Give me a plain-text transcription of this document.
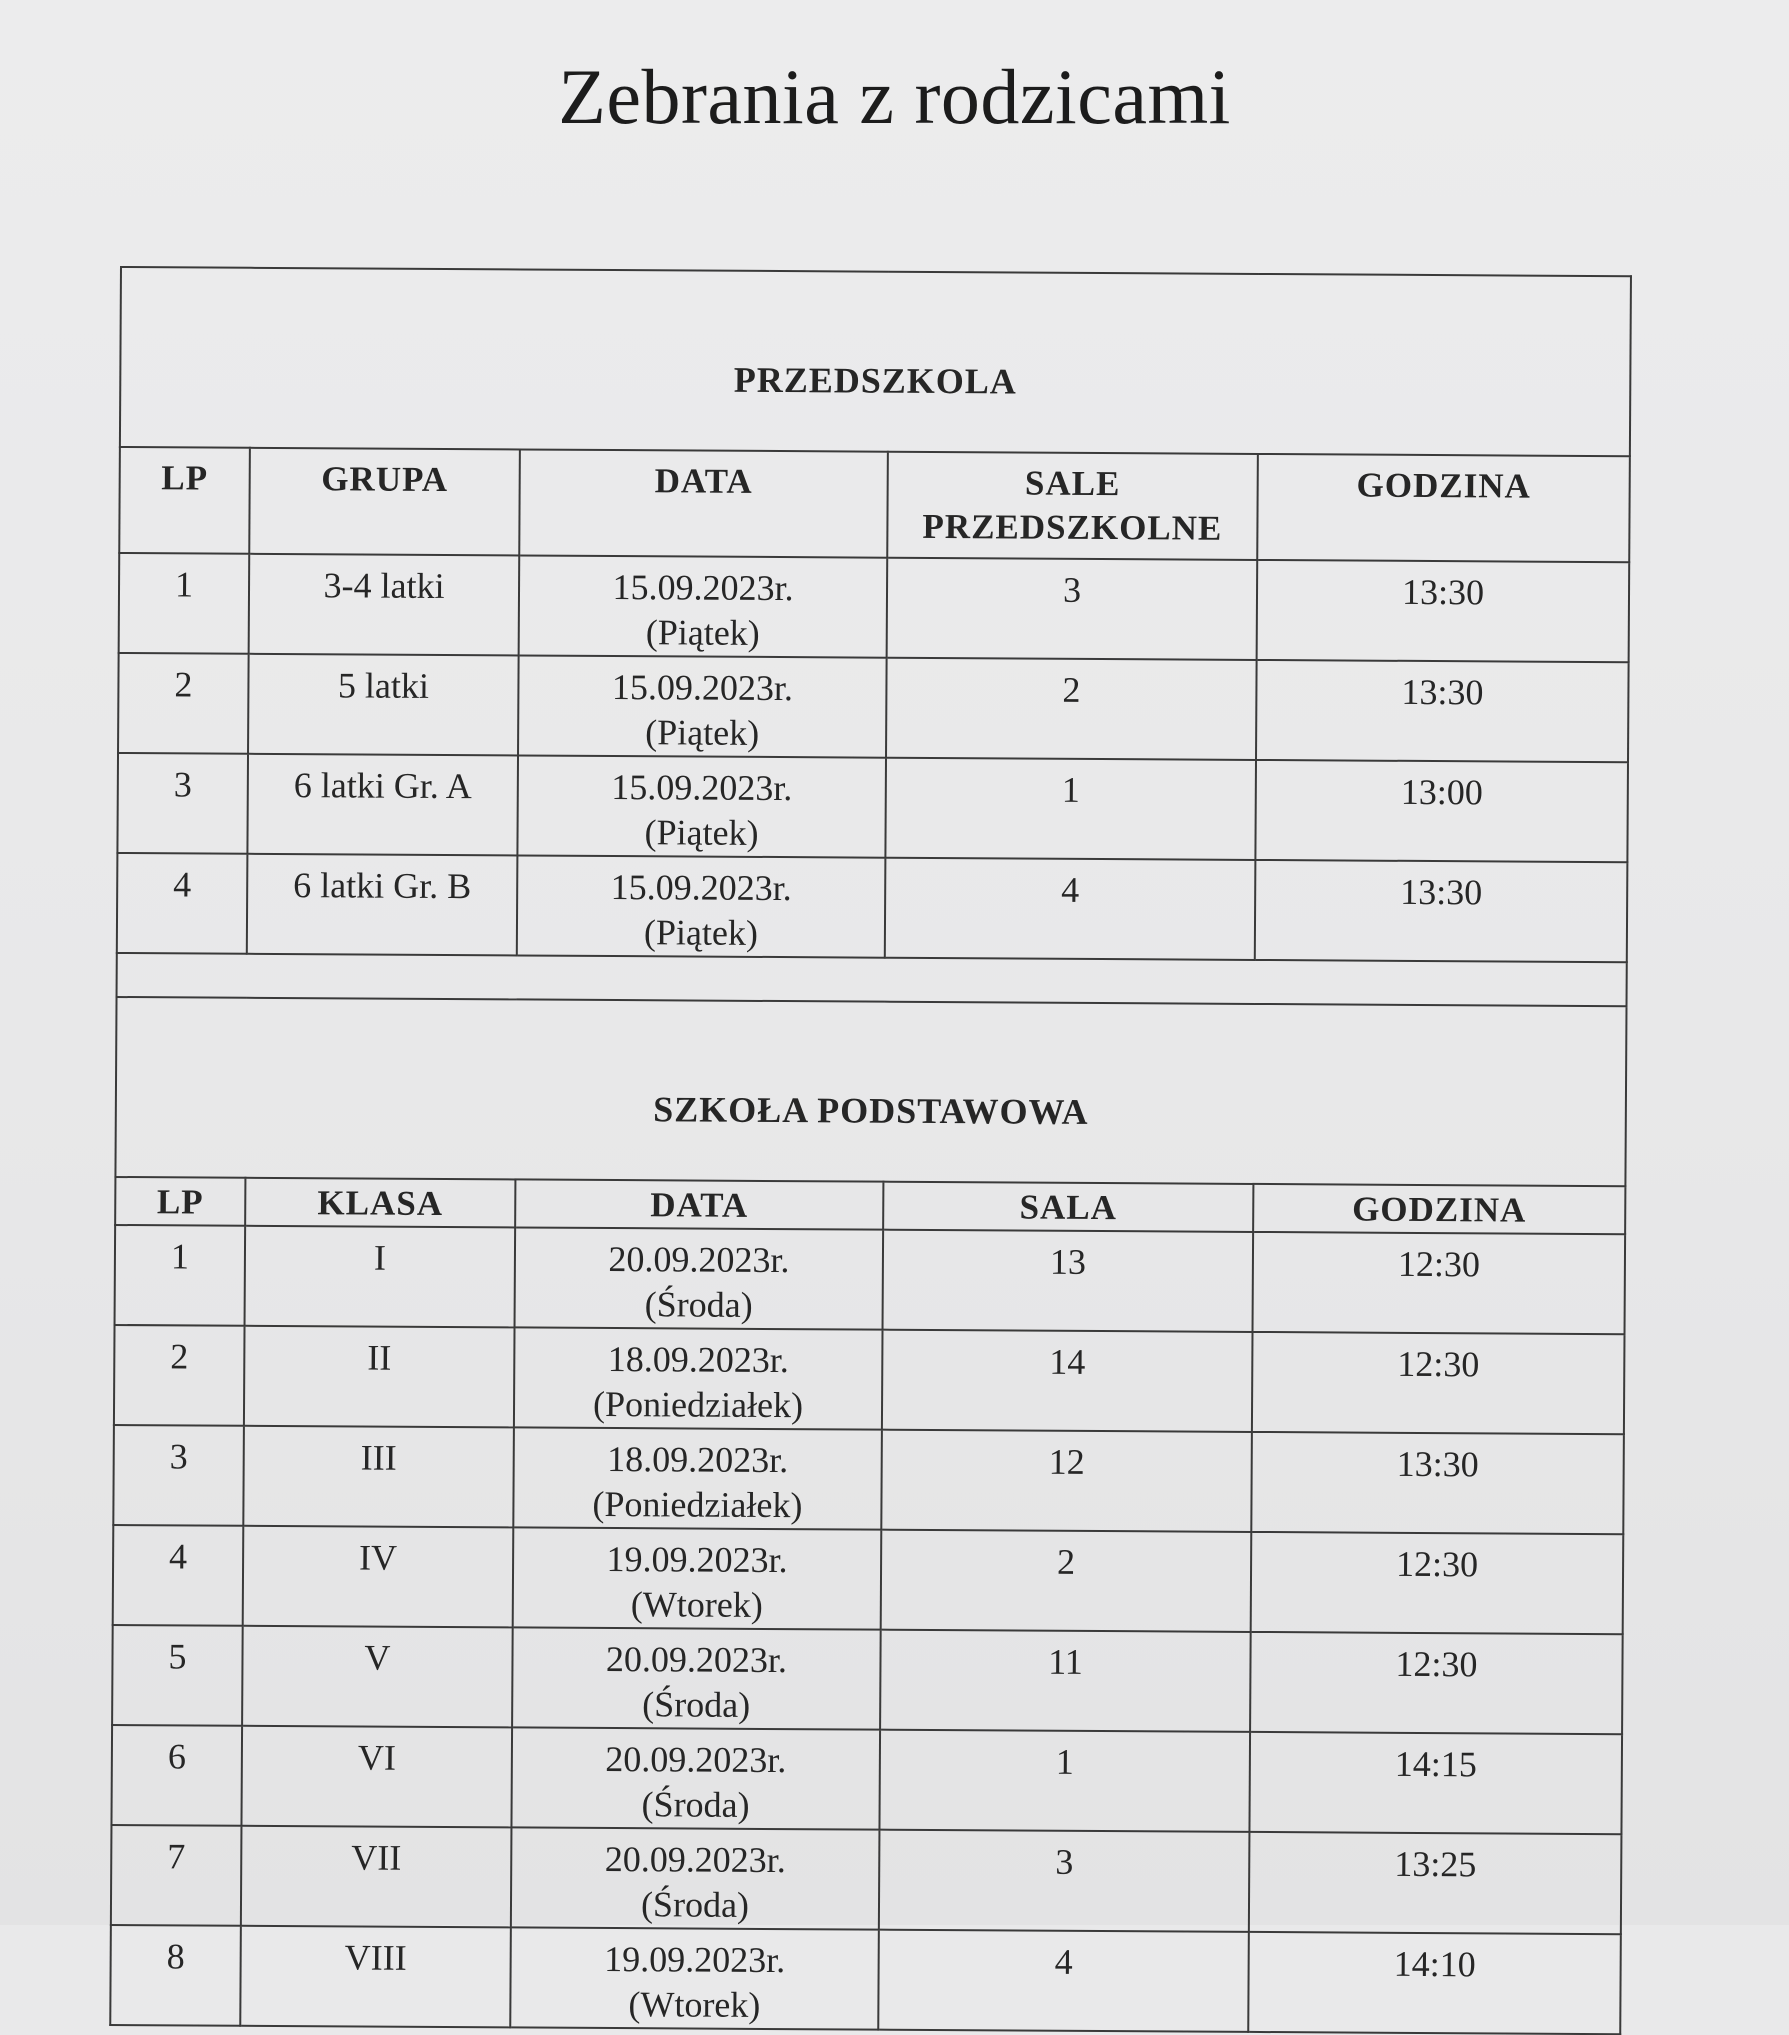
Zebrania z rodzicami
PRZEDSZKOLA				
LP	GRUPA	DATA	SALE
PRZEDSZKOLNE	GODZINA
1	3-4 latki	15.09.2023r.
(Piątek)	3	13:30
2	5 latki	15.09.2023r.
(Piątek)	2	13:30
3	6 latki Gr. A	15.09.2023r.
(Piątek)	1	13:00
4	6 latki Gr. B	15.09.2023r.
(Piątek)	4	13:30

SZKOŁA PODSTAWOWA				
LP	KLASA	DATA	SALA	GODZINA
1	I	20.09.2023r.
(Środa)	13	12:30
2	II	18.09.2023r.
(Poniedziałek)	14	12:30
3	III	18.09.2023r.
(Poniedziałek)	12	13:30
4	IV	19.09.2023r.
(Wtorek)	2	12:30
5	V	20.09.2023r.
(Środa)	11	12:30
6	VI	20.09.2023r.
(Środa)	1	14:15
7	VII	20.09.2023r.
(Środa)	3	13:25
8	VIII	19.09.2023r.
(Wtorek)	4	14:10
